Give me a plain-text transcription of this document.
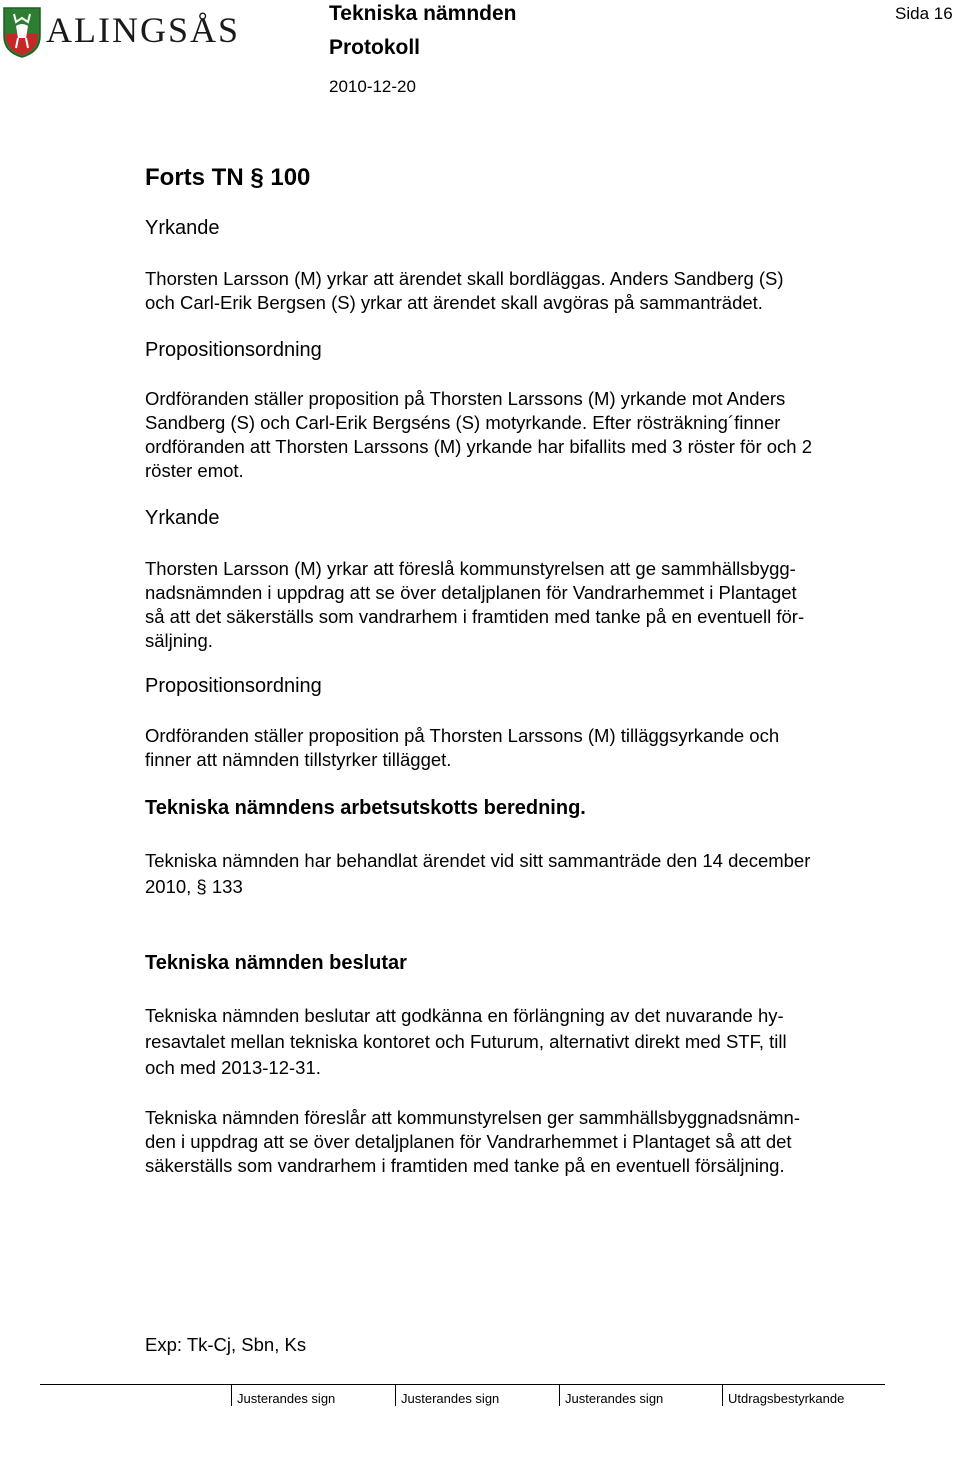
ALINGSÅS	Tekniska nämnden
Protokoll
2010-12-20
Sida 16
Forts TN § 100
Yrkande
Thorsten Larsson (M) yrkar att ärendet skall bordläggas. Anders Sandberg (S)
och Carl-Erik Bergsen (S) yrkar att ärendet skall avgöras på sammanträdet.
Propositionsordning
Ordföranden ställer proposition på Thorsten Larssons (M) yrkande mot Anders
Sandberg (S) och Carl-Erik Bergséns (S) motyrkande. Efter rösträkning´finner
ordföranden att Thorsten Larssons (M) yrkande har bifallits med 3 röster för och 2
röster emot.
Yrkande
Thorsten Larsson (M) yrkar att föreslå kommunstyrelsen att ge sammhällsbygg-
nadsnämnden i uppdrag att se över detaljplanen för Vandrarhemmet i Plantaget
så att det säkerställs som vandrarhem i framtiden med tanke på en eventuell för-
säljning.
Propositionsordning
Ordföranden ställer proposition på Thorsten Larssons (M) tilläggsyrkande och
finner att nämnden tillstyrker tillägget.
Tekniska nämndens arbetsutskotts beredning.
Tekniska nämnden har behandlat ärendet vid sitt sammanträde den 14 december
2010, § 133
Tekniska nämnden beslutar
Tekniska nämnden beslutar att godkänna en förlängning av det nuvarande hy-
resavtalet mellan tekniska kontoret och Futurum, alternativt direkt med STF, till
och med 2013-12-31.
Tekniska nämnden föreslår att kommunstyrelsen ger sammhällsbyggnadsnämn-
den i uppdrag att se över detaljplanen för Vandrarhemmet i Plantaget så att det
säkerställs som vandrarhem i framtiden med tanke på en eventuell försäljning.
Exp: Tk-Cj, Sbn, Ks
Justerandes sign	Justerandes sign	Justerandes sign	Utdragsbestyrkande
